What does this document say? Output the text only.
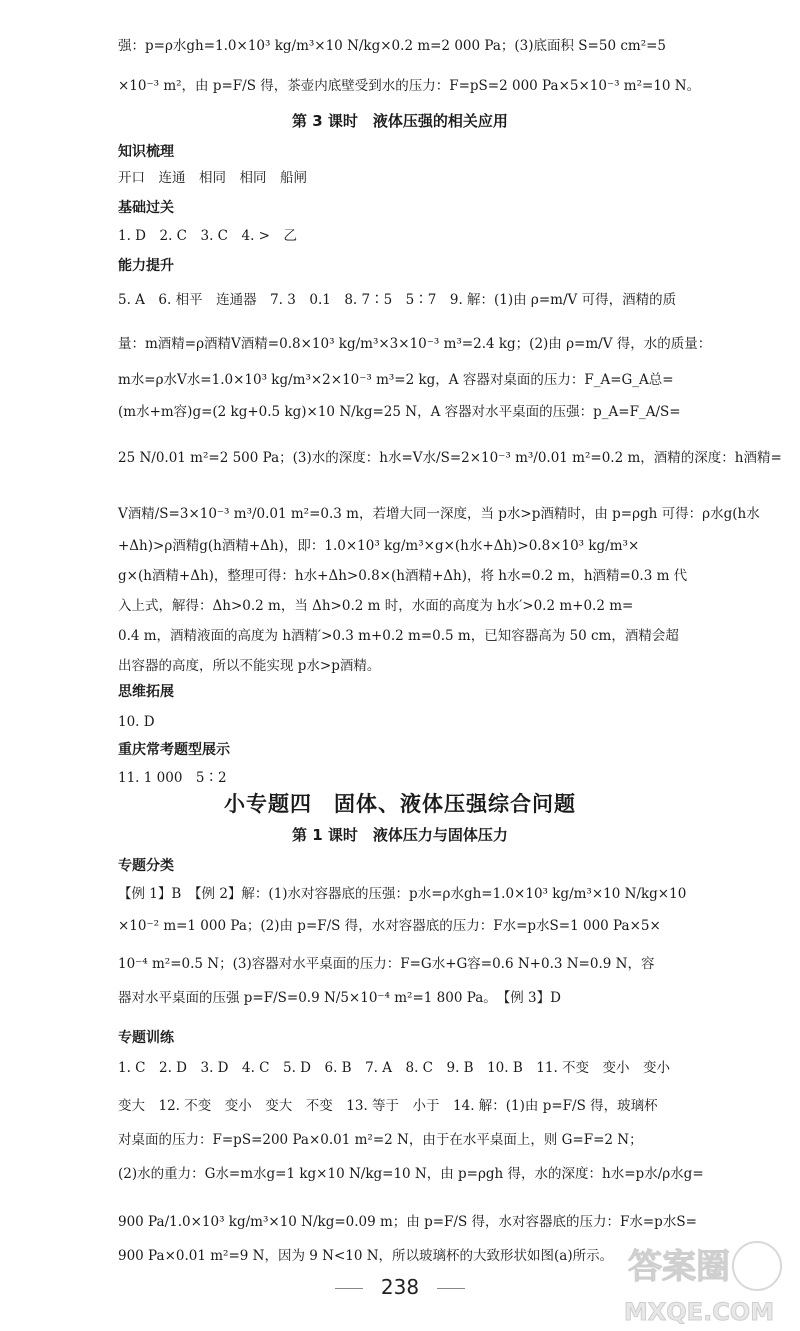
强：p=ρ水gh=1.0×10³ kg/m³×10 N/kg×0.2 m=2 000 Pa；(3)底面积 S=50 cm²=5
×10⁻³ m²，由 p=F/S 得，茶壶内底壁受到水的压力：F=pS=2 000 Pa×5×10⁻³ m²=10 N。
第 3 课时　液体压强的相关应用
知识梳理
开口　连通　相同　相同　船闸
基础过关
1. D　2. C　3. C　4. >　乙
能力提升
5. A　6. 相平　连通器　7. 3　0.1　8. 7∶5　5∶7　9. 解：(1)由 ρ=m/V 可得，酒精的质
量：m酒精=ρ酒精V酒精=0.8×10³ kg/m³×3×10⁻³ m³=2.4 kg；(2)由 ρ=m/V 得，水的质量：
m水=ρ水V水=1.0×10³ kg/m³×2×10⁻³ m³=2 kg，A 容器对桌面的压力：F_A=G_A总=
(m水+m容)g=(2 kg+0.5 kg)×10 N/kg=25 N，A 容器对水平桌面的压强：p_A=F_A/S=
25 N/0.01 m²=2 500 Pa；(3)水的深度：h水=V水/S=2×10⁻³ m³/0.01 m²=0.2 m，酒精的深度：h酒精=
V酒精/S=3×10⁻³ m³/0.01 m²=0.3 m，若增大同一深度，当 p水>p酒精时，由 p=ρgh 可得：ρ水g(h水
+Δh)>ρ酒精g(h酒精+Δh)，即：1.0×10³ kg/m³×g×(h水+Δh)>0.8×10³ kg/m³×
g×(h酒精+Δh)，整理可得：h水+Δh>0.8×(h酒精+Δh)，将 h水=0.2 m，h酒精=0.3 m 代
入上式，解得：Δh>0.2 m，当 Δh>0.2 m 时，水面的高度为 h水′>0.2 m+0.2 m=
0.4 m，酒精液面的高度为 h酒精′>0.3 m+0.2 m=0.5 m，已知容器高为 50 cm，酒精会超
出容器的高度，所以不能实现 p水>p酒精。
思维拓展
10. D
重庆常考题型展示
11. 1 000　5∶2
小专题四　固体、液体压强综合问题
第 1 课时　液体压力与固体压力
专题分类
【例 1】B　【例 2】解：(1)水对容器底的压强：p水=ρ水gh=1.0×10³ kg/m³×10 N/kg×10
×10⁻² m=1 000 Pa；(2)由 p=F/S 得，水对容器底的压力：F水=p水S=1 000 Pa×5×
10⁻⁴ m²=0.5 N；(3)容器对水平桌面的压力：F=G水+G容=0.6 N+0.3 N=0.9 N，容
器对水平桌面的压强 p=F/S=0.9 N/5×10⁻⁴ m²=1 800 Pa。　【例 3】D
专题训练
1. C　2. D　3. D　4. C　5. D　6. B　7. A　8. C　9. B　10. B　11. 不变　变小　变小
变大　12. 不变　变小　变大　不变　13. 等于　小于　14. 解：(1)由 p=F/S 得，玻璃杯
对桌面的压力：F=pS=200 Pa×0.01 m²=2 N，由于在水平桌面上，则 G=F=2 N；
(2)水的重力：G水=m水g=1 kg×10 N/kg=10 N，由 p=ρgh 得，水的深度：h水=p水/ρ水g=
900 Pa/1.0×10³ kg/m³×10 N/kg=0.09 m；由 p=F/S 得，水对容器底的压力：F水=p水S=
900 Pa×0.01 m²=9 N，因为 9 N<10 N，所以玻璃杯的大致形状如图(a)所示。
238	答案圈
MXQE.COM
